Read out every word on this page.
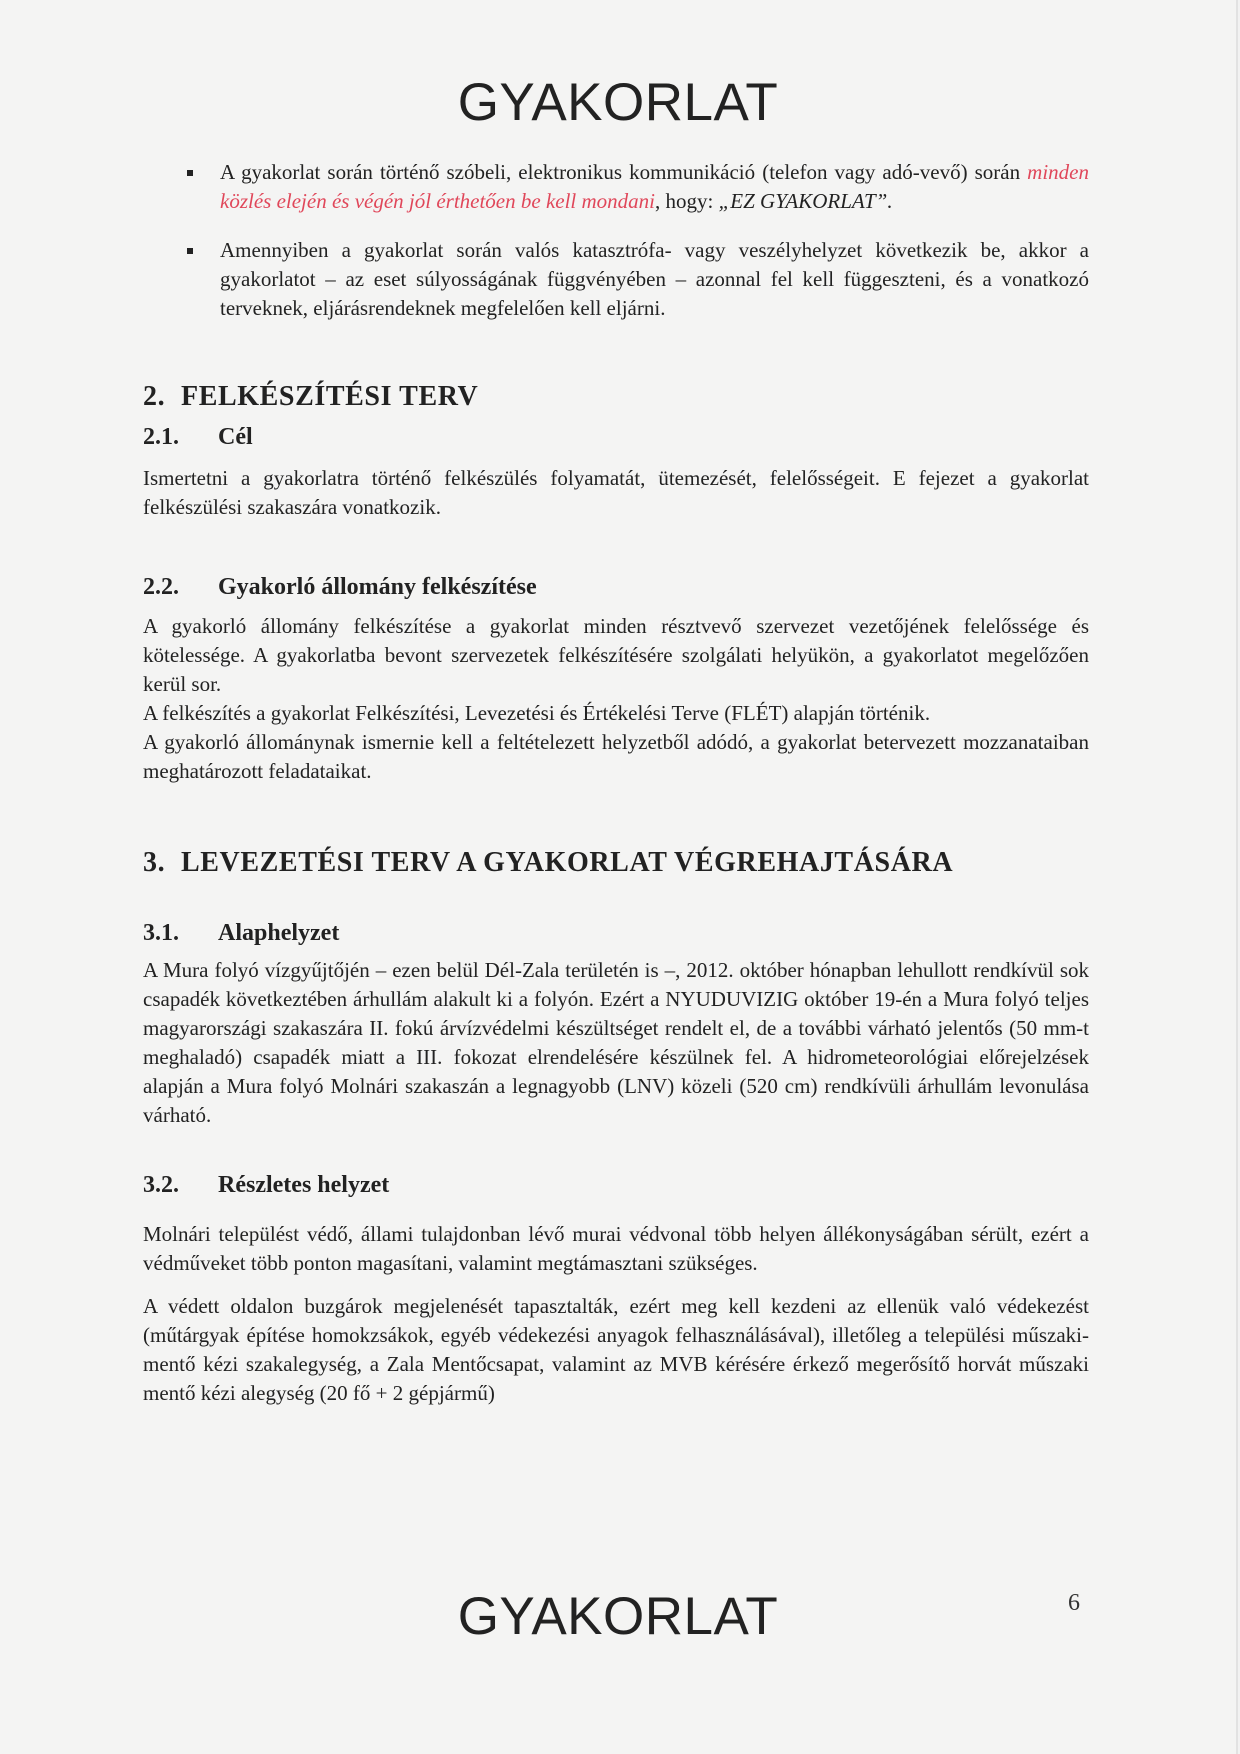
GYAKORLAT
A gyakorlat során történő szóbeli, elektronikus kommunikáció (telefon vagy adó-vevő) során minden közlés elején és végén jól érthetően be kell mondani, hogy: „EZ GYAKORLAT”.
Amennyiben a gyakorlat során valós katasztrófa- vagy veszélyhelyzet következik be, akkor a gyakorlatot – az eset súlyosságának függvényében – azonnal fel kell függeszteni, és a vonatkozó terveknek, eljárásrendeknek megfelelően kell eljárni.
2. FELKÉSZÍTÉSI TERV
2.1. Cél

Ismertetni a gyakorlatra történő felkészülés folyamatát, ütemezését, felelősségeit. E fejezet a gyakorlat felkészülési szakaszára vonatkozik.

2.2. Gyakorló állomány felkészítése

A gyakorló állomány felkészítése a gyakorlat minden résztvevő szervezet vezetőjének felelőssége és kötelessége. A gyakorlatba bevont szervezetek felkészítésére szolgálati helyükön, a gyakorlatot megelőzően kerül sor.

A felkészítés a gyakorlat Felkészítési, Levezetési és Értékelési Terve (FLÉT) alapján történik.

A gyakorló állománynak ismernie kell a feltételezett helyzetből adódó, a gyakorlat betervezett mozzanataiban meghatározott feladataikat.

3. LEVEZETÉSI TERV A GYAKORLAT VÉGREHAJTÁSÁRA
3.1. Alaphelyzet

A Mura folyó vízgyűjtőjén – ezen belül Dél-Zala területén is –, 2012. október hónapban lehullott rendkívül sok csapadék következtében árhullám alakult ki a folyón. Ezért a NYUDUVIZIG október 19-én a Mura folyó teljes magyarországi szakaszára II. fokú árvízvédelmi készültséget rendelt el, de a további várható jelentős (50 mm-t meghaladó) csapadék miatt a III. fokozat elrendelésére készülnek fel. A hidrometeorológiai előrejelzések alapján a Mura folyó Molnári szakaszán a legnagyobb (LNV) közeli (520 cm) rendkívüli árhullám levonulása várható.

3.2. Részletes helyzet

Molnári települést védő, állami tulajdonban lévő murai védvonal több helyen állékonyságában sérült, ezért a védműveket több ponton magasítani, valamint megtámasztani szükséges.

A védett oldalon buzgárok megjelenését tapasztalták, ezért meg kell kezdeni az ellenük való védekezést (műtárgyak építése homokzsákok, egyéb védekezési anyagok felhasználásával), illetőleg a települési műszaki-mentő kézi szakalegység, a Zala Mentőcsapat, valamint az MVB kérésére érkező megerősítő horvát műszaki mentő kézi alegység (20 fő + 2 gépjármű)

GYAKORLAT	6
